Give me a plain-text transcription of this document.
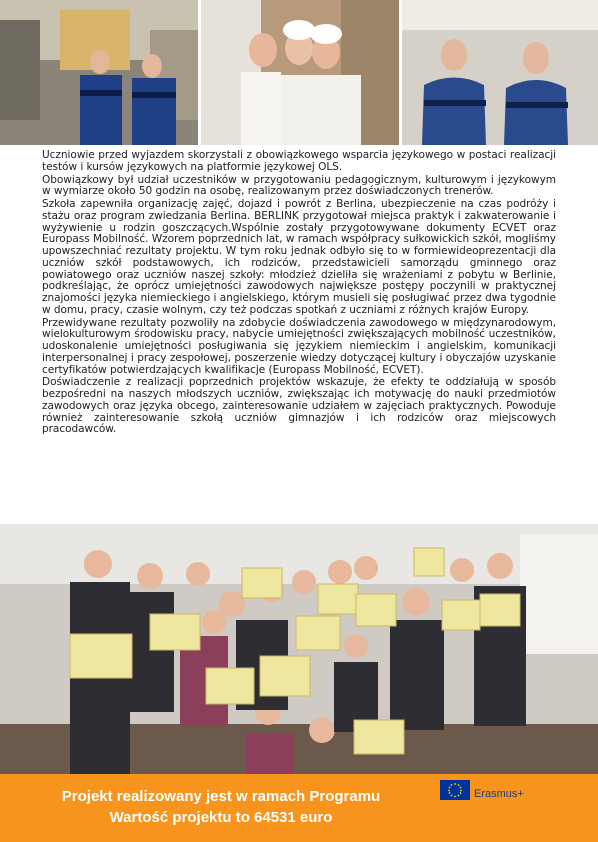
Uczniowie przed wyjazdem skorzystali z obowiązkowego wsparcia językowego w postaci realizacji testów i kursów językowych na platformie językowej OLS.

Obowiązkowy był udział uczestników w przygotowaniu pedagogicznym, kulturowym i językowym w wymiarze około 50 godzin na osobę, realizowanym przez doświadczonych trenerów.

Szkoła zapewniła organizację zajęć, dojazd i powrót z Berlina, ubezpieczenie na czas podróży i stażu oraz program zwiedzania Berlina. BERLINK przygotował miejsca praktyk i zakwaterowanie i wyżywienie u rodzin goszczących.Wspólnie zostały przygotowywane dokumenty ECVET oraz Europass Mobilność. Wzorem poprzednich lat, w ramach współpracy sułkowickich szkół, mogliśmy upowszechniać rezultaty projektu. W tym roku jednak odbyło się to w formiewideoprezentacji dla uczniów szkół podstawowych, ich rodziców, przedstawicieli samorządu gminnego oraz powiatowego oraz uczniów naszej szkoły: młodzież dzieliła się wrażeniami z pobytu w Berlinie, podkreślając, że oprócz umiejętności zawodowych największe postępy poczynili w praktycznej znajomości języka niemieckiego i angielskiego, którym musieli się posługiwać przez dwa tygodnie w domu, pracy, czasie wolnym, czy też podczas spotkań z uczniami z różnych krajów Europy.

Przewidywane rezultaty pozwoliły na zdobycie doświadczenia zawodowego w międzynarodowym, wielokulturowym środowisku pracy, nabycie umiejętności zwiększających mobilność uczestników, udoskonalenie umiejętności posługiwania się językiem niemieckim i angielskim, komunikacji interpersonalnej i pracy zespołowej, poszerzenie wiedzy dotyczącej kultury i obyczajów uzyskanie certyfikatów potwierdzających kwalifikacje (Europass Mobilność, ECVET).

Doświadczenie z realizacji poprzednich projektów wskazuje, że efekty te oddziałują w sposób bezpośredni na naszych młodszych uczniów, zwiększając ich motywację do nauki przedmiotów zawodowych oraz języka obcego, zainteresowanie udziałem w zajęciach praktycznych. Powoduje również zainteresowanie szkołą uczniów gimnazjów i ich rodziców oraz miejscowych pracodawców.

Projekt realizowany jest w ramach Programu
Wartość projektu to 64531 euro
Erasmus+
